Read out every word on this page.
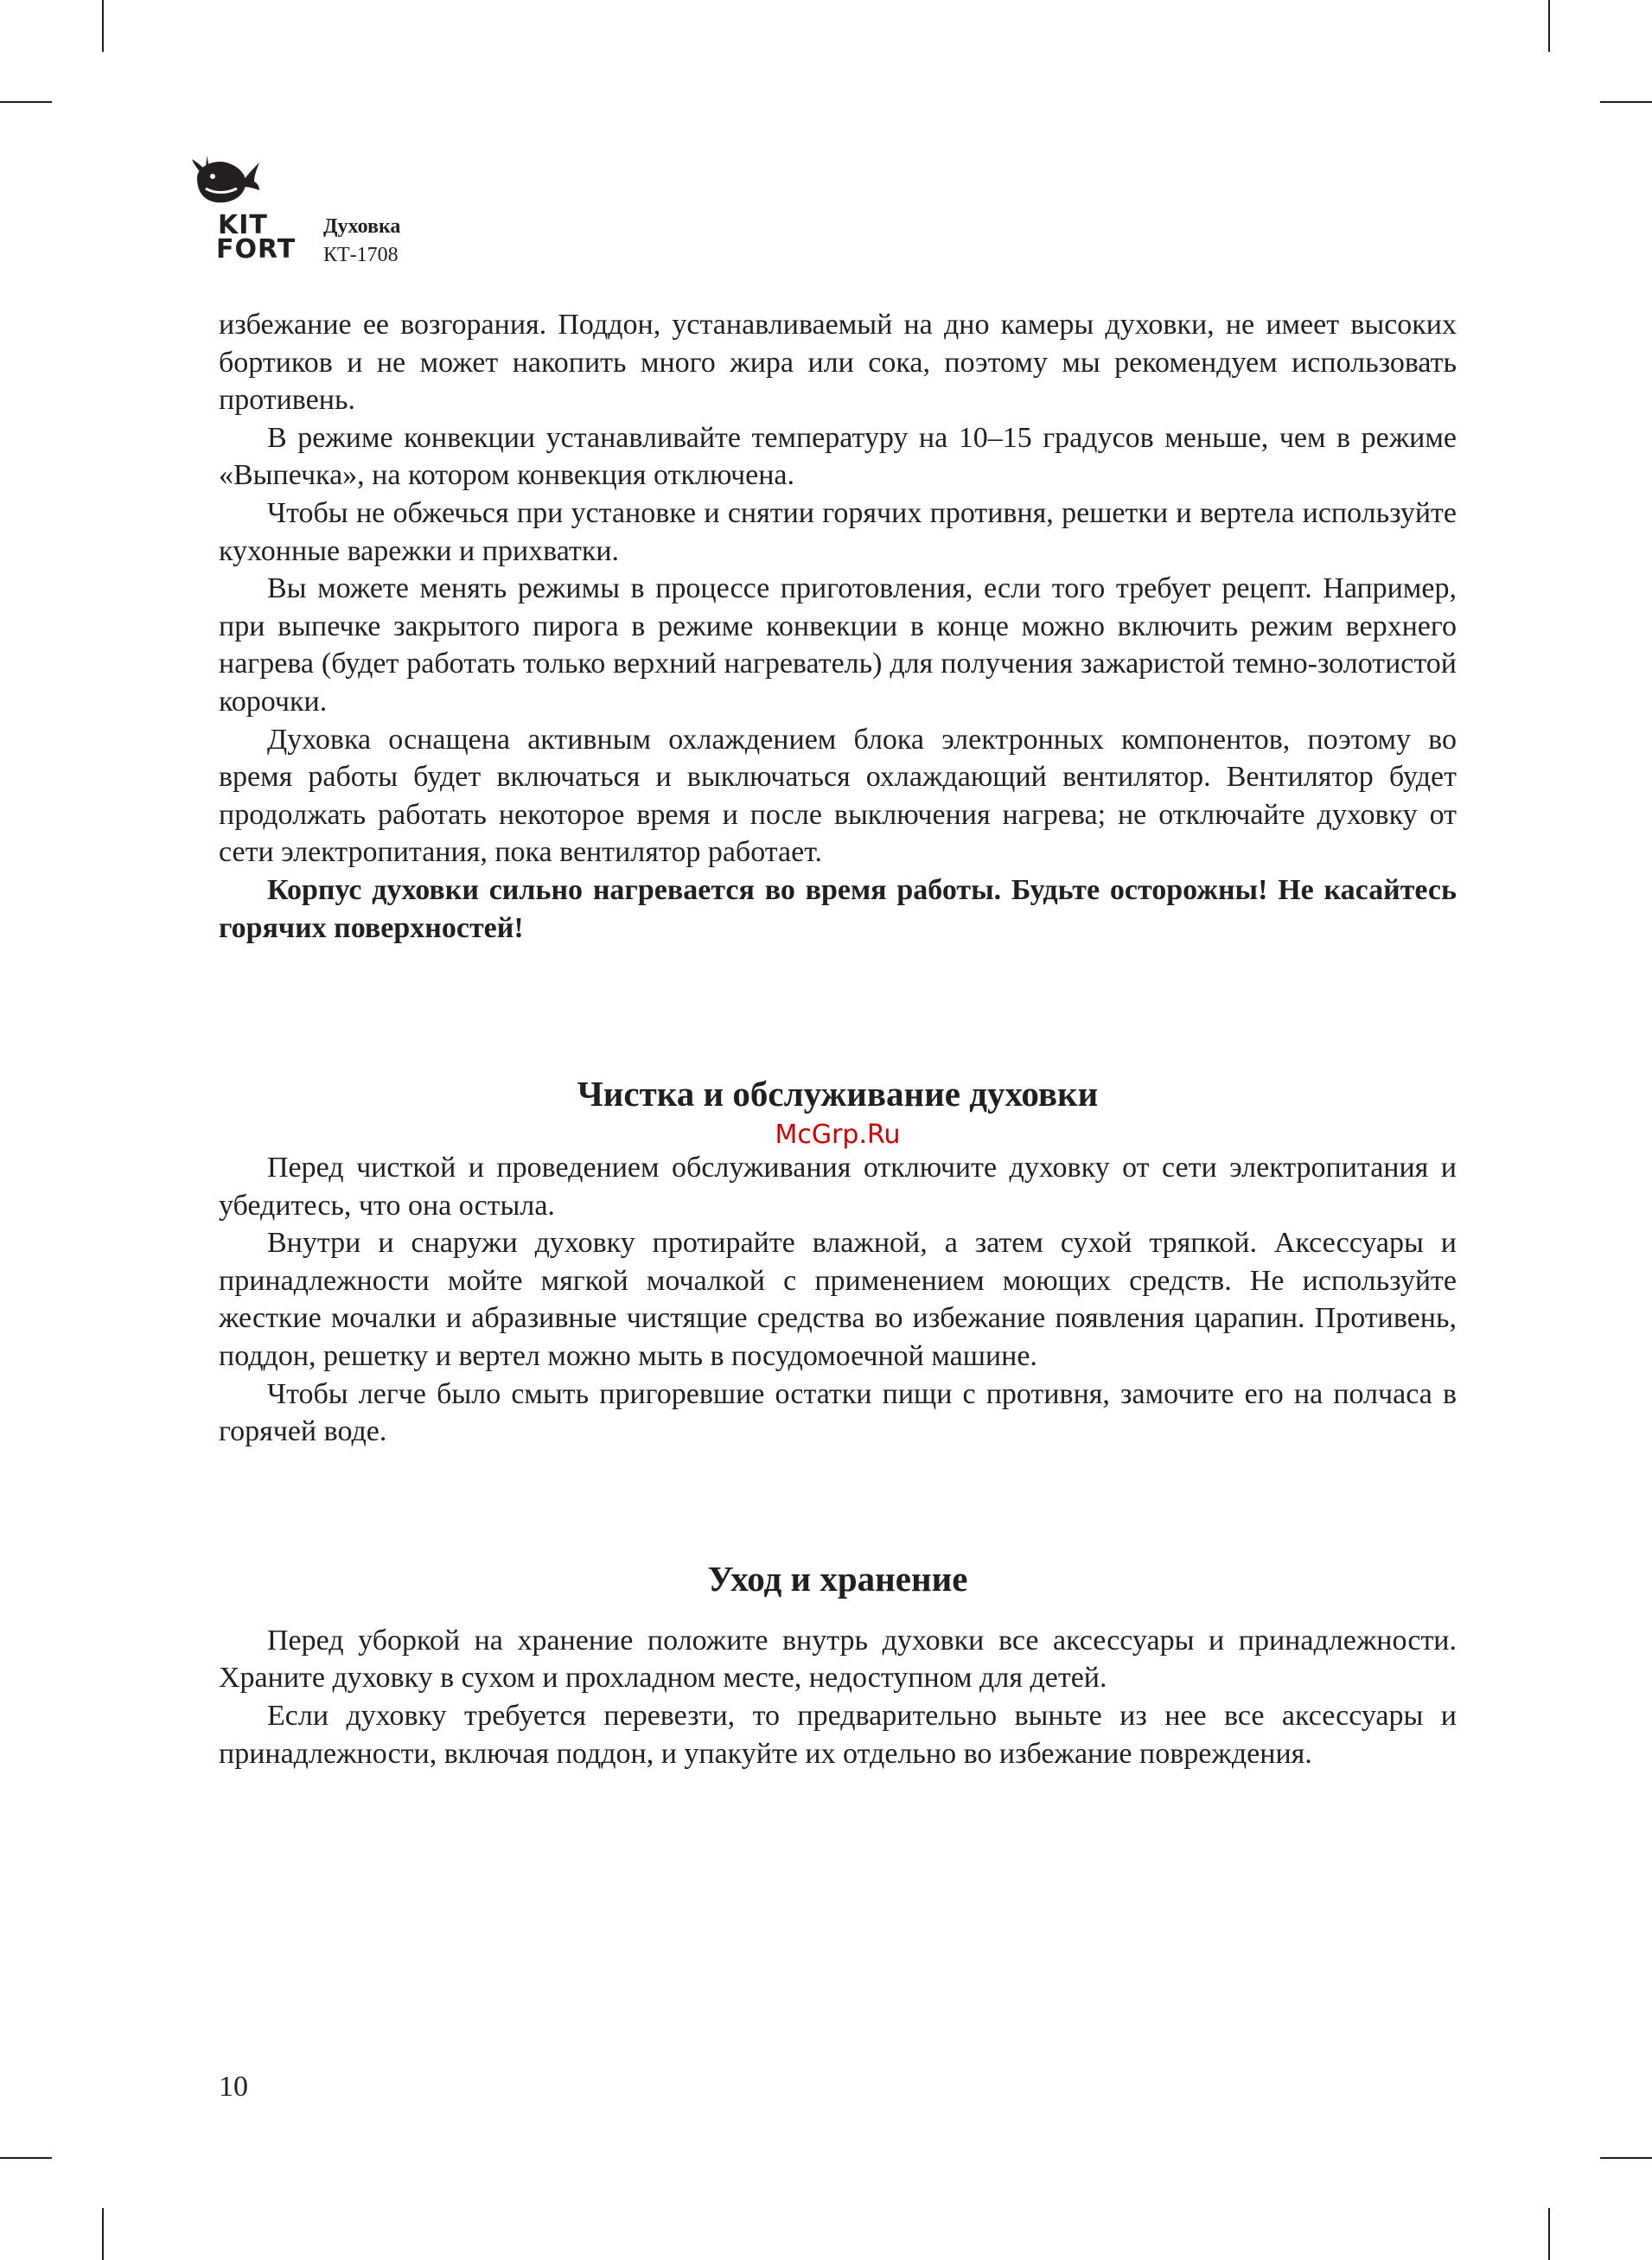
KIT
FORT
Духовка
КТ-1708

избежание ее возгорания. Поддон, устанавливаемый на дно камеры духовки, не имеет высоких бортиков и не может накопить много жира или сока, поэтому мы рекомендуем использовать противень.

В режиме конвекции устанавливайте температуру на 10–15 градусов меньше, чем в режиме «Выпечка», на котором конвекция отключена.

Чтобы не обжечься при установке и снятии горячих противня, решетки и вертела используйте кухонные варежки и прихватки.

Вы можете менять режимы в процессе приготовления, если того требует рецепт. Например, при выпечке закрытого пирога в режиме конвекции в конце можно включить режим верхнего нагрева (будет работать только верхний нагреватель) для получения зажаристой темно-золотистой корочки.

Духовка оснащена активным охлаждением блока электронных компонентов, поэтому во время работы будет включаться и выключаться охлаждающий вентилятор. Вентилятор будет продолжать работать некоторое время и после выключения нагрева; не отключайте духовку от сети электропитания, пока вентилятор работает.

Корпус духовки сильно нагревается во время работы. Будьте осторожны! Не касайтесь горячих поверхностей!

Чистка и обслуживание духовки
McGrp.Ru

Перед чисткой и проведением обслуживания отключите духовку от сети электропитания и убедитесь, что она остыла.

Внутри и снаружи духовку протирайте влажной, а затем сухой тряпкой. Аксессуары и принадлежности мойте мягкой мочалкой с применением моющих средств. Не используйте жесткие мочалки и абразивные чистящие средства во избежание появления царапин. Противень, поддон, решетку и вертел можно мыть в посудомоечной машине.

Чтобы легче было смыть пригоревшие остатки пищи с противня, замочите его на полчаса в горячей воде.

Уход и хранение

Перед уборкой на хранение положите внутрь духовки все аксессуары и принадлежности. Храните духовку в сухом и прохладном месте, недоступном для детей.

Если духовку требуется перевезти, то предварительно выньте из нее все аксессуары и принадлежности, включая поддон, и упакуйте их отдельно во избежание повреждения.

10
